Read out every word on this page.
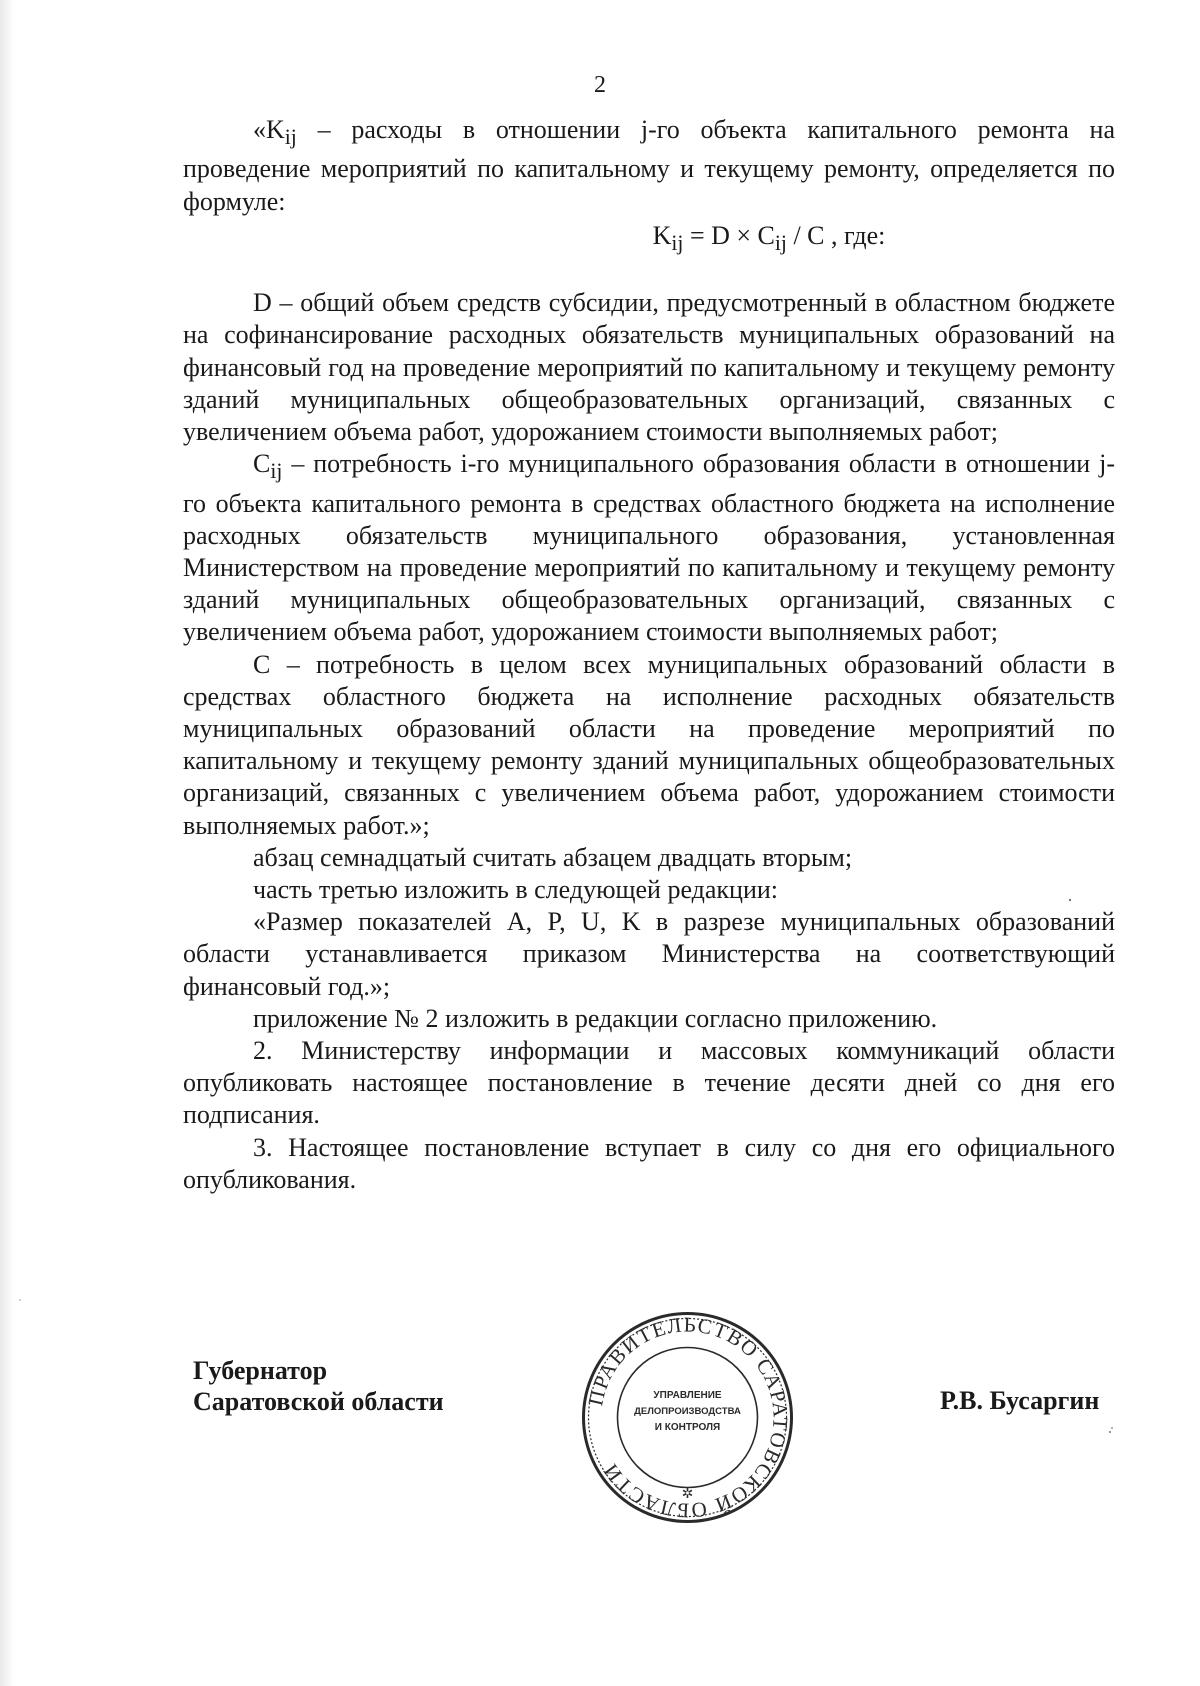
2

«$K_{ij}$ – расходы в отношении j-го объекта капитального ремонта на проведение мероприятий по капитальному и текущему ремонту, определяется по формуле:

$K_{ij} = D \times C_{ij} / C$ , где:

D – общий объем средств субсидии, предусмотренный в областном бюджете на софинансирование расходных обязательств муниципальных образований на финансовый год на проведение мероприятий по капитальному и текущему ремонту зданий муниципальных общеобразовательных организаций, связанных с увеличением объема работ, удорожанием стоимости выполняемых работ;

$C_{ij}$ – потребность i-го муниципального образования области в отношении j-го объекта капитального ремонта в средствах областного бюджета на исполнение расходных обязательств муниципального образования, установленная Министерством на проведение мероприятий по капитальному и текущему ремонту зданий муниципальных общеобразовательных организаций, связанных с увеличением объема работ, удорожанием стоимости выполняемых работ;

C – потребность в целом всех муниципальных образований области в средствах областного бюджета на исполнение расходных обязательств муниципальных образований области на проведение мероприятий по капитальному и текущему ремонту зданий муниципальных общеобразовательных организаций, связанных с увеличением объема работ, удорожанием стоимости выполняемых работ.»;

абзац семнадцатый считать абзацем двадцать вторым;

часть третью изложить в следующей редакции:

«Размер показателей A, P, U, K в разрезе муниципальных образований области устанавливается приказом Министерства на соответствующий финансовый год.»;

приложение № 2 изложить в редакции согласно приложению.

2. Министерству информации и массовых коммуникаций области опубликовать настоящее постановление в течение десяти дней со дня его подписания.

3. Настоящее постановление вступает в силу со дня его официального опубликования.

Губернатор
Саратовской области	ПРАВИТЕЛЬСТВО САРАТОВСКОЙ ОБЛАСТИ
УПРАВЛЕНИЕ
ДЕЛОПРОИЗВОДСТВА
И КОНТРОЛЯ
✲
Р.В. Бусаргин
